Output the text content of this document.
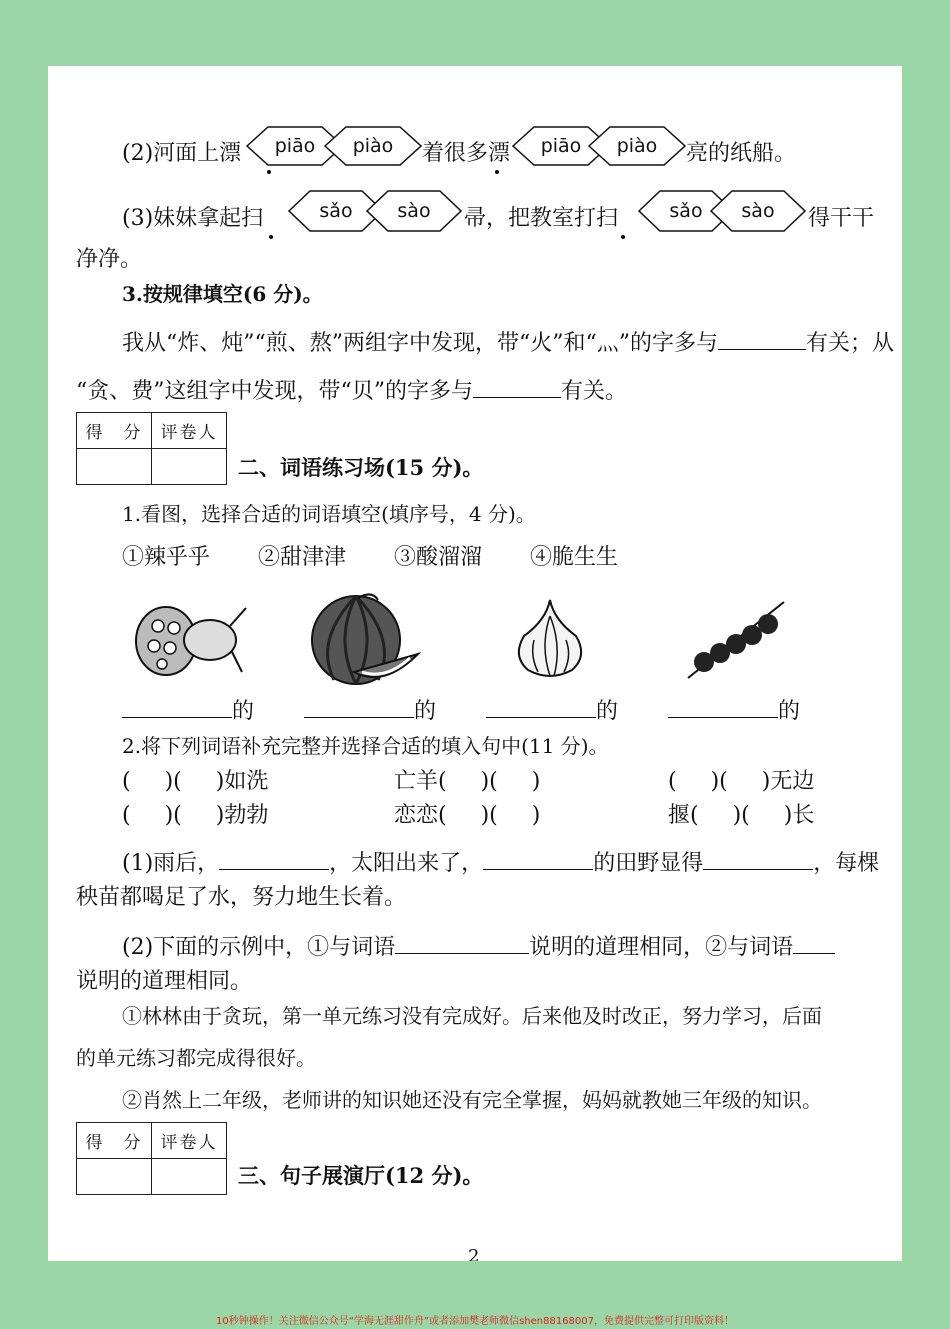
(2)河面上漂	piāo	piào	着很多漂	piāo	piào	亮的纸船。
(3)妹妹拿起扫	sǎo	sào	帚，把教室打扫	sǎo	sào	得干干
净净。
3.按规律填空(6 分)。
我从“炸、炖”“煎、熬”两组字中发现，带“火”和“灬”的字多与	有关；从
“贪、费”这组字中发现，带“贝”的字多与	有关。
得　分	评卷人

二、词语练习场(15 分)。
1.看图，选择合适的词语填空(填序号，4 分)。
①辣乎乎 ②甜津津 ③酸溜溜 ④脆生生
的	的	的	的
2.将下列词语补充完整并选择合适的填入句中(11 分)。
( )( )如洗	亡羊( )( )	( )( )无边
( )( )勃勃	恋恋( )( )	揠( )( )长
(1)雨后，	，太阳出来了，	的田野显得	，每棵
秧苗都喝足了水，努力地生长着。
(2)下面的示例中，①与词语	说明的道理相同，②与词语
说明的道理相同。
①林林由于贪玩，第一单元练习没有完成好。后来他及时改正，努力学习，后面
的单元练习都完成得很好。
②肖然上二年级，老师讲的知识她还没有完全掌握，妈妈就教她三年级的知识。
得　分	评卷人

三、句子展演厅(12 分)。
2
10秒钟操作！关注微信公众号“学海无涯甜作舟”或者添加樊老师微信shen88168007，免费提供完整可打印版资料！
